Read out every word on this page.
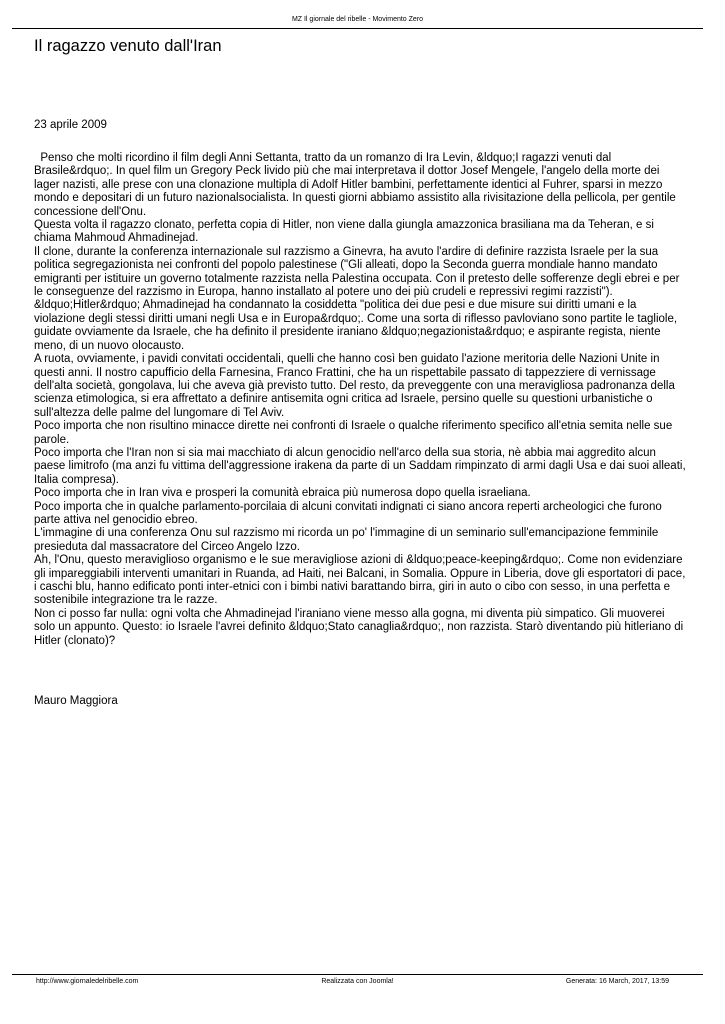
MZ Il giornale del ribelle - Movimento Zero
Il ragazzo venuto dall'Iran
23 aprile 2009

Penso che molti ricordino il film degli Anni Settanta, tratto da un romanzo di Ira Levin, &ldquo;I ragazzi venuti dal Brasile&rdquo;. In quel film un Gregory Peck livido più che mai interpretava il dottor Josef Mengele, l'angelo della morte dei lager nazisti, alle prese con una clonazione multipla di Adolf Hitler bambini, perfettamente identici al Fuhrer, sparsi in mezzo mondo e depositari di un futuro nazionalsocialista. In questi giorni abbiamo assistito alla rivisitazione della pellicola, per gentile concessione dell'Onu.

Questa volta il ragazzo clonato, perfetta copia di Hitler, non viene dalla giungla amazzonica brasiliana ma da Teheran, e si chiama Mahmoud Ahmadinejad.

Il clone, durante la conferenza internazionale sul razzismo a Ginevra, ha avuto l'ardire di definire razzista Israele per la sua politica segregazionista nei confronti del popolo palestinese ("Gli alleati, dopo la Seconda guerra mondiale hanno mandato emigranti per istituire un governo totalmente razzista nella Palestina occupata. Con il pretesto delle sofferenze degli ebrei e per le conseguenze del razzismo in Europa, hanno installato al potere uno dei più crudeli e repressivi regimi razzisti").

&ldquo;Hitler&rdquo; Ahmadinejad ha condannato la cosiddetta "politica dei due pesi e due misure sui diritti umani e la violazione degli stessi diritti umani negli Usa e in Europa&rdquo;. Come una sorta di riflesso pavloviano sono partite le tagliole, guidate ovviamente da Israele, che ha definito il presidente iraniano &ldquo;negazionista&rdquo; e aspirante regista, niente meno, di un nuovo olocausto.

A ruota, ovviamente, i pavidi convitati occidentali, quelli che hanno così ben guidato l'azione meritoria delle Nazioni Unite in questi anni. Il nostro capufficio della Farnesina, Franco Frattini, che ha un rispettabile passato di tappezziere di vernissage dell'alta società, gongolava, lui che aveva già previsto tutto. Del resto, da preveggente con una meravigliosa padronanza della scienza etimologica, si era affrettato a definire antisemita ogni critica ad Israele, persino quelle su questioni urbanistiche o sull'altezza delle palme del lungomare di Tel Aviv.

Poco importa che non risultino minacce dirette nei confronti di Israele o qualche riferimento specifico all'etnia semita nelle sue parole.

Poco importa che l'Iran non si sia mai macchiato di alcun genocidio nell'arco della sua storia, nè abbia mai aggredito alcun paese limitrofo (ma anzi fu vittima dell'aggressione irakena da parte di un Saddam rimpinzato di armi dagli Usa e dai suoi alleati, Italia compresa).

Poco importa che in Iran viva e prosperi la comunità ebraica più numerosa dopo quella israeliana.

Poco importa che in qualche parlamento-porcilaia di alcuni convitati indignati ci siano ancora reperti archeologici che furono parte attiva nel genocidio ebreo.

L'immagine di una conferenza Onu sul razzismo mi ricorda un po' l'immagine di un seminario sull'emancipazione femminile presieduta dal massacratore del Circeo Angelo Izzo.

Ah, l'Onu, questo meraviglioso organismo e le sue meravigliose azioni di &ldquo;peace-keeping&rdquo;. Come non evidenziare gli impareggiabili interventi umanitari in Ruanda, ad Haiti, nei Balcani, in Somalia. Oppure in Liberia, dove gli esportatori di pace, i caschi blu, hanno edificato ponti inter-etnici con i bimbi nativi barattando birra, giri in auto o cibo con sesso, in una perfetta e sostenibile integrazione tra le razze.

Non ci posso far nulla: ogni volta che Ahmadinejad l'iraniano viene messo alla gogna, mi diventa più simpatico. Gli muoverei solo un appunto. Questo: io Israele l'avrei definito &ldquo;Stato canaglia&rdquo;, non razzista. Starò diventando più hitleriano di Hitler (clonato)?

Mauro Maggiora
http://www.giornaledelribelle.com	Realizzata con Joomla!	Generata: 16 March, 2017, 13:59
